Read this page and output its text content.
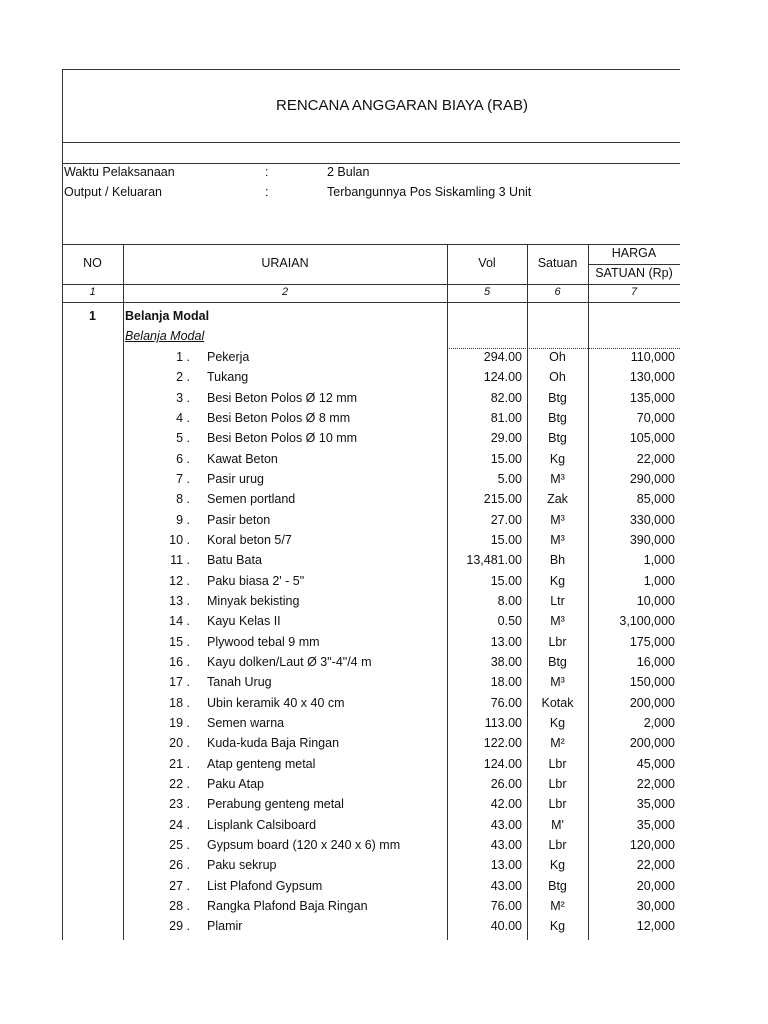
RENCANA ANGGARAN BIAYA (RAB)
Waktu Pelaksanaan	:	2 Bulan
Output / Keluaran	:	Terbangunnya Pos Siskamling 3 Unit
NO	URAIAN	Vol	Satuan
HARGA
SATUAN (Rp)
1	2	5	6	7
1	Belanja Modal
Belanja Modal
1 . Pekerja	294.00	Oh	110,000
2 . Tukang	124.00	Oh	130,000
3 . Besi Beton Polos Ø 12 mm	82.00	Btg	135,000
4 . Besi Beton Polos Ø 8 mm	81.00	Btg	70,000
5 . Besi Beton Polos Ø 10 mm	29.00	Btg	105,000
6 . Kawat Beton	15.00	Kg	22,000
7 . Pasir urug	5.00	M³	290,000
8 . Semen portland	215.00	Zak	85,000
9 . Pasir beton	27.00	M³	330,000
10 . Koral beton 5/7	15.00	M³	390,000
11 . Batu Bata	13,481.00	Bh	1,000
12 . Paku biasa 2' - 5"	15.00	Kg	1,000
13 . Minyak bekisting	8.00	Ltr	10,000
14 . Kayu Kelas II	0.50	M³	3,100,000
15 . Plywood tebal 9 mm	13.00	Lbr	175,000
16 . Kayu dolken/Laut Ø 3"-4"/4 m	38.00	Btg	16,000
17 . Tanah Urug	18.00	M³	150,000
18 . Ubin keramik 40 x 40 cm	76.00	Kotak	200,000
19 . Semen warna	113.00	Kg	2,000
20 . Kuda-kuda Baja Ringan	122.00	M²	200,000
21 . Atap genteng metal	124.00	Lbr	45,000
22 . Paku Atap	26.00	Lbr	22,000
23 . Perabung genteng metal	42.00	Lbr	35,000
24 . Lisplank Calsiboard	43.00	M'	35,000
25 . Gypsum board (120 x 240 x 6) mm	43.00	Lbr	120,000
26 . Paku sekrup	13.00	Kg	22,000
27 . List Plafond Gypsum	43.00	Btg	20,000
28 . Rangka Plafond Baja Ringan	76.00	M²	30,000
29 . Plamir	40.00	Kg	12,000
